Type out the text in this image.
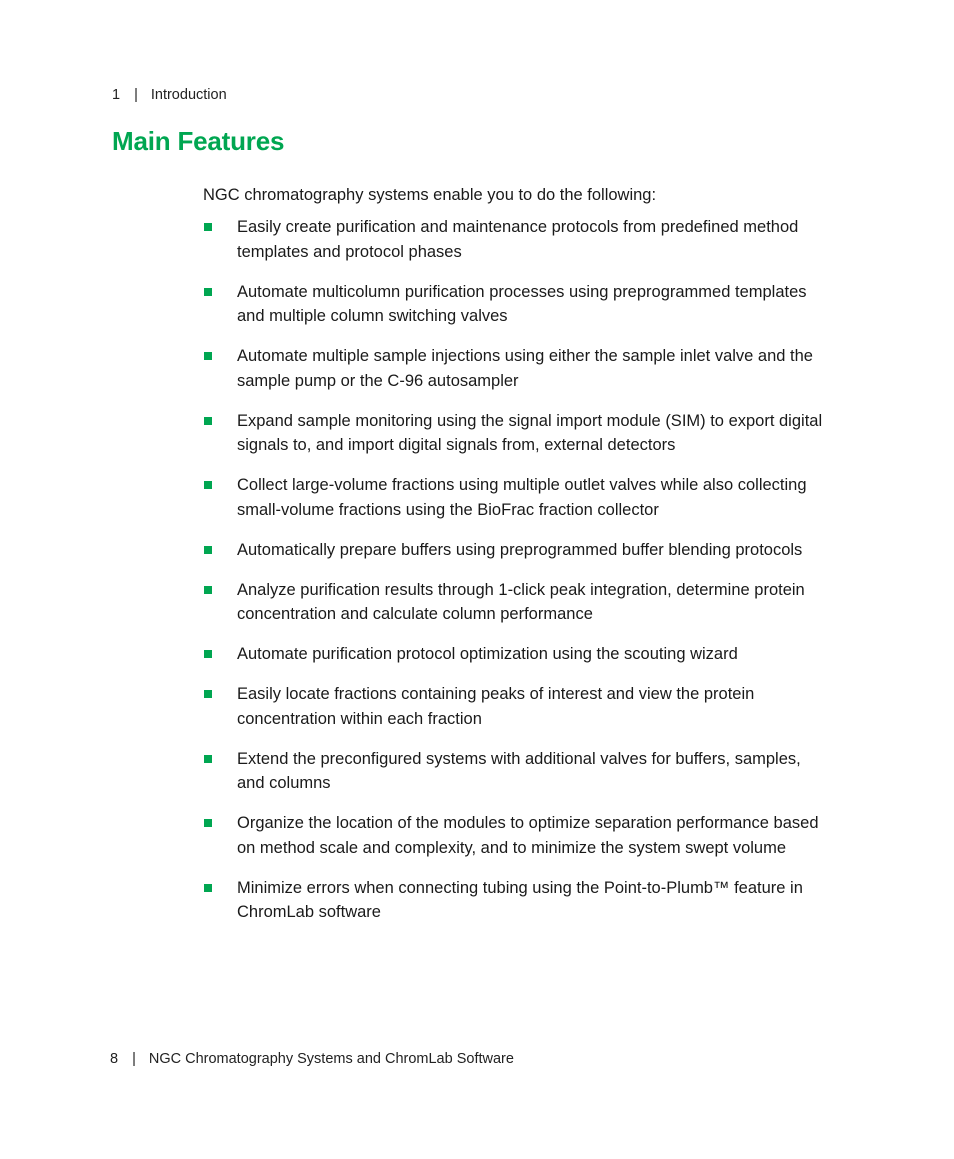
1 | Introduction
Main Features

NGC chromatography systems enable you to do the following:

Easily create purification and maintenance protocols from predefined method templates and protocol phases
Automate multicolumn purification processes using preprogrammed templates and multiple column switching valves
Automate multiple sample injections using either the sample inlet valve and the sample pump or the C-96 autosampler
Expand sample monitoring using the signal import module (SIM) to export digital signals to, and import digital signals from, external detectors
Collect large-volume fractions using multiple outlet valves while also collecting small-volume fractions using the BioFrac fraction collector
Automatically prepare buffers using preprogrammed buffer blending protocols
Analyze purification results through 1-click peak integration, determine protein concentration and calculate column performance
Automate purification protocol optimization using the scouting wizard
Easily locate fractions containing peaks of interest and view the protein concentration within each fraction
Extend the preconfigured systems with additional valves for buffers, samples, and columns
Organize the location of the modules to optimize separation performance based on method scale and complexity, and to minimize the system swept volume
Minimize errors when connecting tubing using the Point-to-Plumb™ feature in ChromLab software
8 | NGC Chromatography Systems and ChromLab Software
